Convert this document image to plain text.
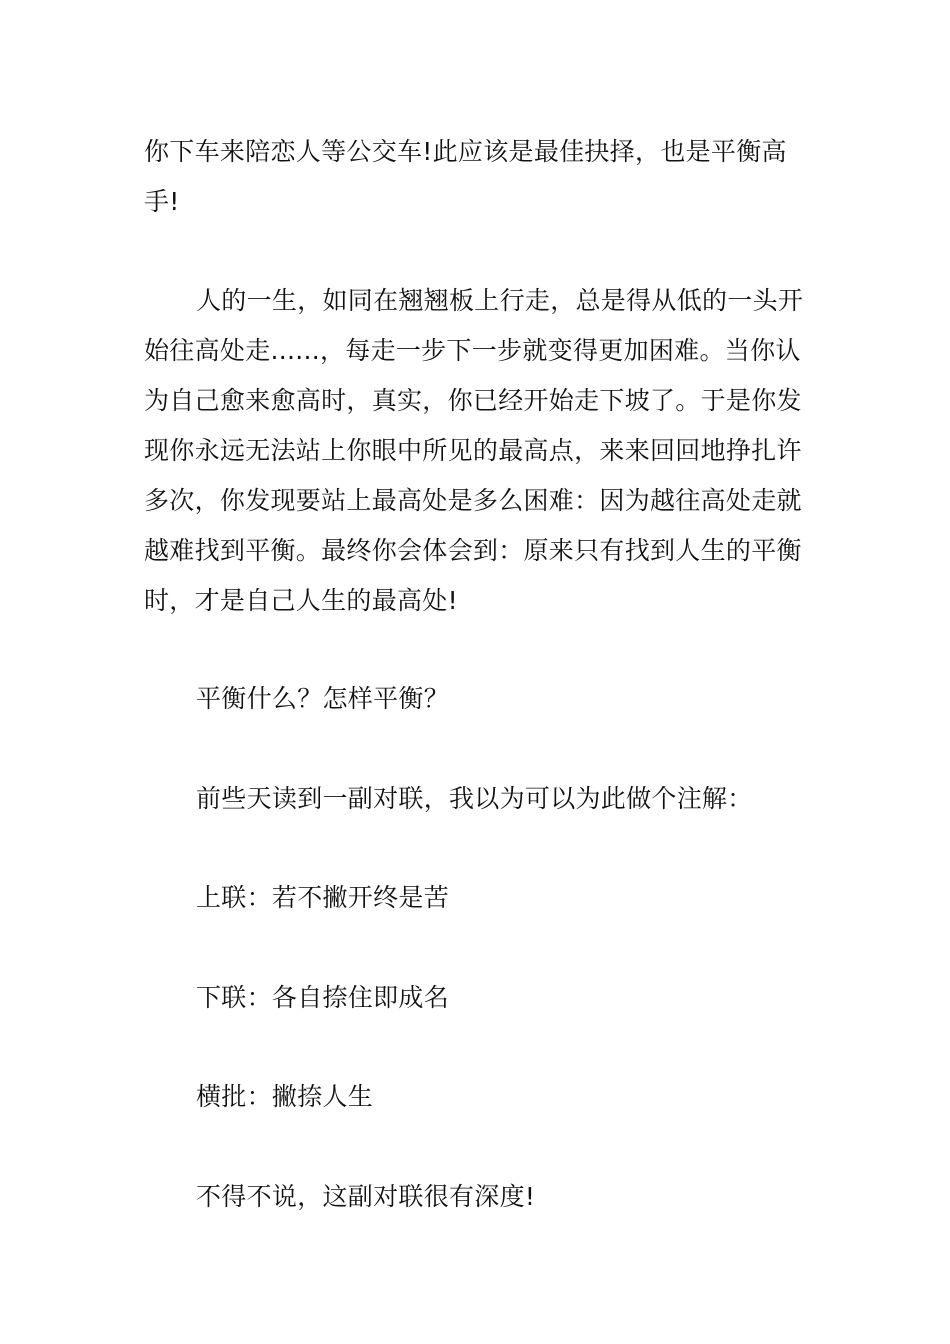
你下车来陪恋人等公交车!此应该是最佳抉择，也是平衡高手!

人的一生，如同在翘翘板上行走，总是得从低的一头开始往高处走......，每走一步下一步就变得更加困难。当你认为自己愈来愈高时，真实，你已经开始走下坡了。于是你发现你永远无法站上你眼中所见的最高点，来来回回地挣扎许多次，你发现要站上最高处是多么困难：因为越往高处走就越难找到平衡。最终你会体会到：原来只有找到人生的平衡时，才是自己人生的最高处!

平衡什么？怎样平衡？

前些天读到一副对联，我以为可以为此做个注解：

上联：若不撇开终是苦

下联：各自捺住即成名

横批：撇捺人生

不得不说，这副对联很有深度!
